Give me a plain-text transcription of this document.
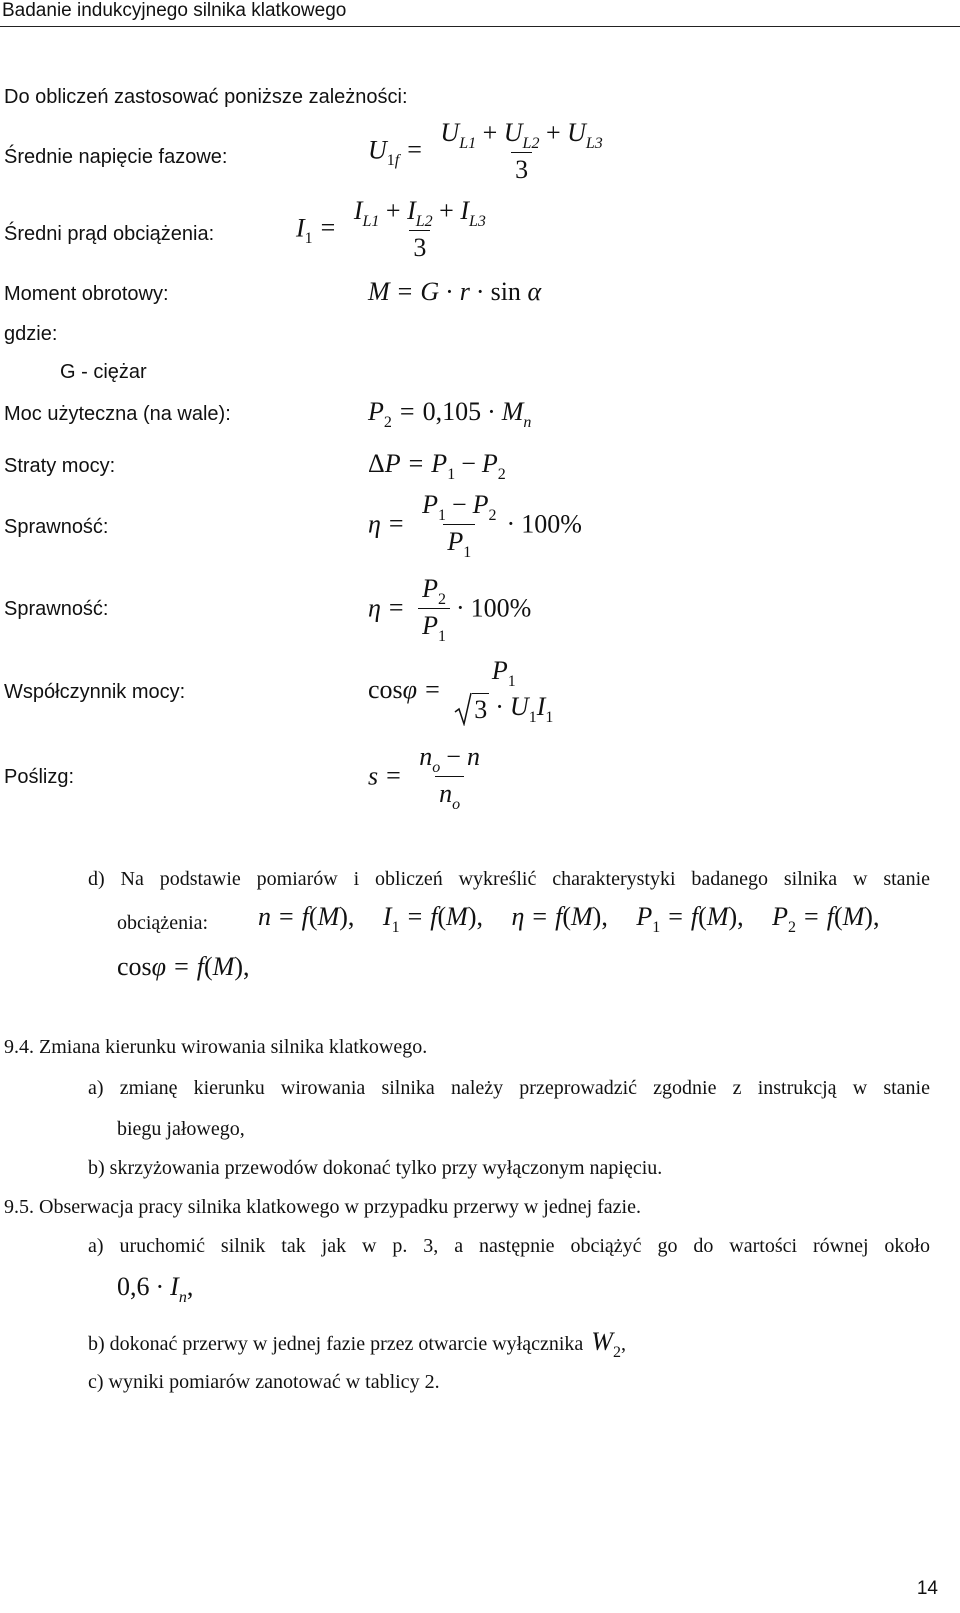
Badanie indukcyjnego silnika klatkowego
Do obliczeń zastosować poniższe zależności:
Średnie napięcie fazowe:	$U_{1f} = \frac{U_{L1} + U_{L2} + U_{L3}}{3}$
Średni prąd obciążenia:	$I_1 = \frac{I_{L1} + I_{L2} + I_{L3}}{3}$
Moment obrotowy:	M = G · r · sin α
gdzie:
G - ciężar
Moc użyteczna (na wale):	$P_2 = 0,105 \cdot M_n$
Straty mocy:	$\Delta P = P_1 - P_2$
Sprawność:	$\eta = \frac{P_1 - P_2}{P_1} \cdot 100\%$
Sprawność:	$\eta = \frac{P_2}{P_1} \cdot 100\%$
Współczynnik mocy:	cosφ =
$P_1$
$3 \cdot U_1I_1$
Poślizg:	$s = \frac{n_o - n}{n_o}$
d) Na podstawie pomiarów i obliczeń wykreślić charakterystyki badanego silnika w stanie
obciążenia: n = f(M), $I_1 = f(M)$, η = f(M), $P_1 = f(M)$, $P_2 = f(M)$,
cosφ = f(M),
9.4. Zmiana kierunku wirowania silnika klatkowego.
a) zmianę kierunku wirowania silnika należy przeprowadzić zgodnie z instrukcją w stanie
biegu jałowego,
b) skrzyżowania przewodów dokonać tylko przy wyłączonym napięciu.
9.5. Obserwacja pracy silnika klatkowego w przypadku przerwy w jednej fazie.
a) uruchomić silnik tak jak w p. 3, a następnie obciążyć go do wartości równej około
$0,6 \cdot I_n$,
b) dokonać przerwy w jednej fazie przez otwarcie wyłącznika $W_2$,
c) wyniki pomiarów zanotować w tablicy 2.
14
